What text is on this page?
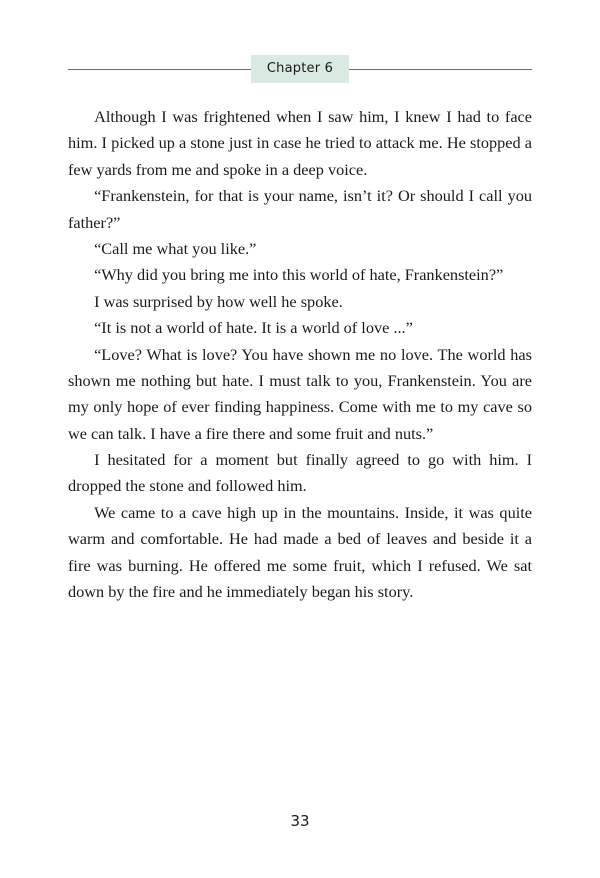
Chapter 6

Although I was frightened when I saw him, I knew I had to face him. I picked up a stone just in case he tried to attack me. He stopped a few yards from me and spoke in a deep voice.

“Frankenstein, for that is your name, isn’t it? Or should I call you father?”

“Call me what you like.”

“Why did you bring me into this world of hate, Frankenstein?”

I was surprised by how well he spoke.

“It is not a world of hate. It is a world of love ...”

“Love? What is love? You have shown me no love. The world has shown me nothing but hate. I must talk to you, Frankenstein. You are my only hope of ever finding happiness. Come with me to my cave so we can talk. I have a fire there and some fruit and nuts.”

I hesitated for a moment but finally agreed to go with him. I dropped the stone and followed him.

We came to a cave high up in the mountains. Inside, it was quite warm and comfortable. He had made a bed of leaves and beside it a fire was burning. He offered me some fruit, which I refused. We sat down by the fire and he immediately began his story.

33
